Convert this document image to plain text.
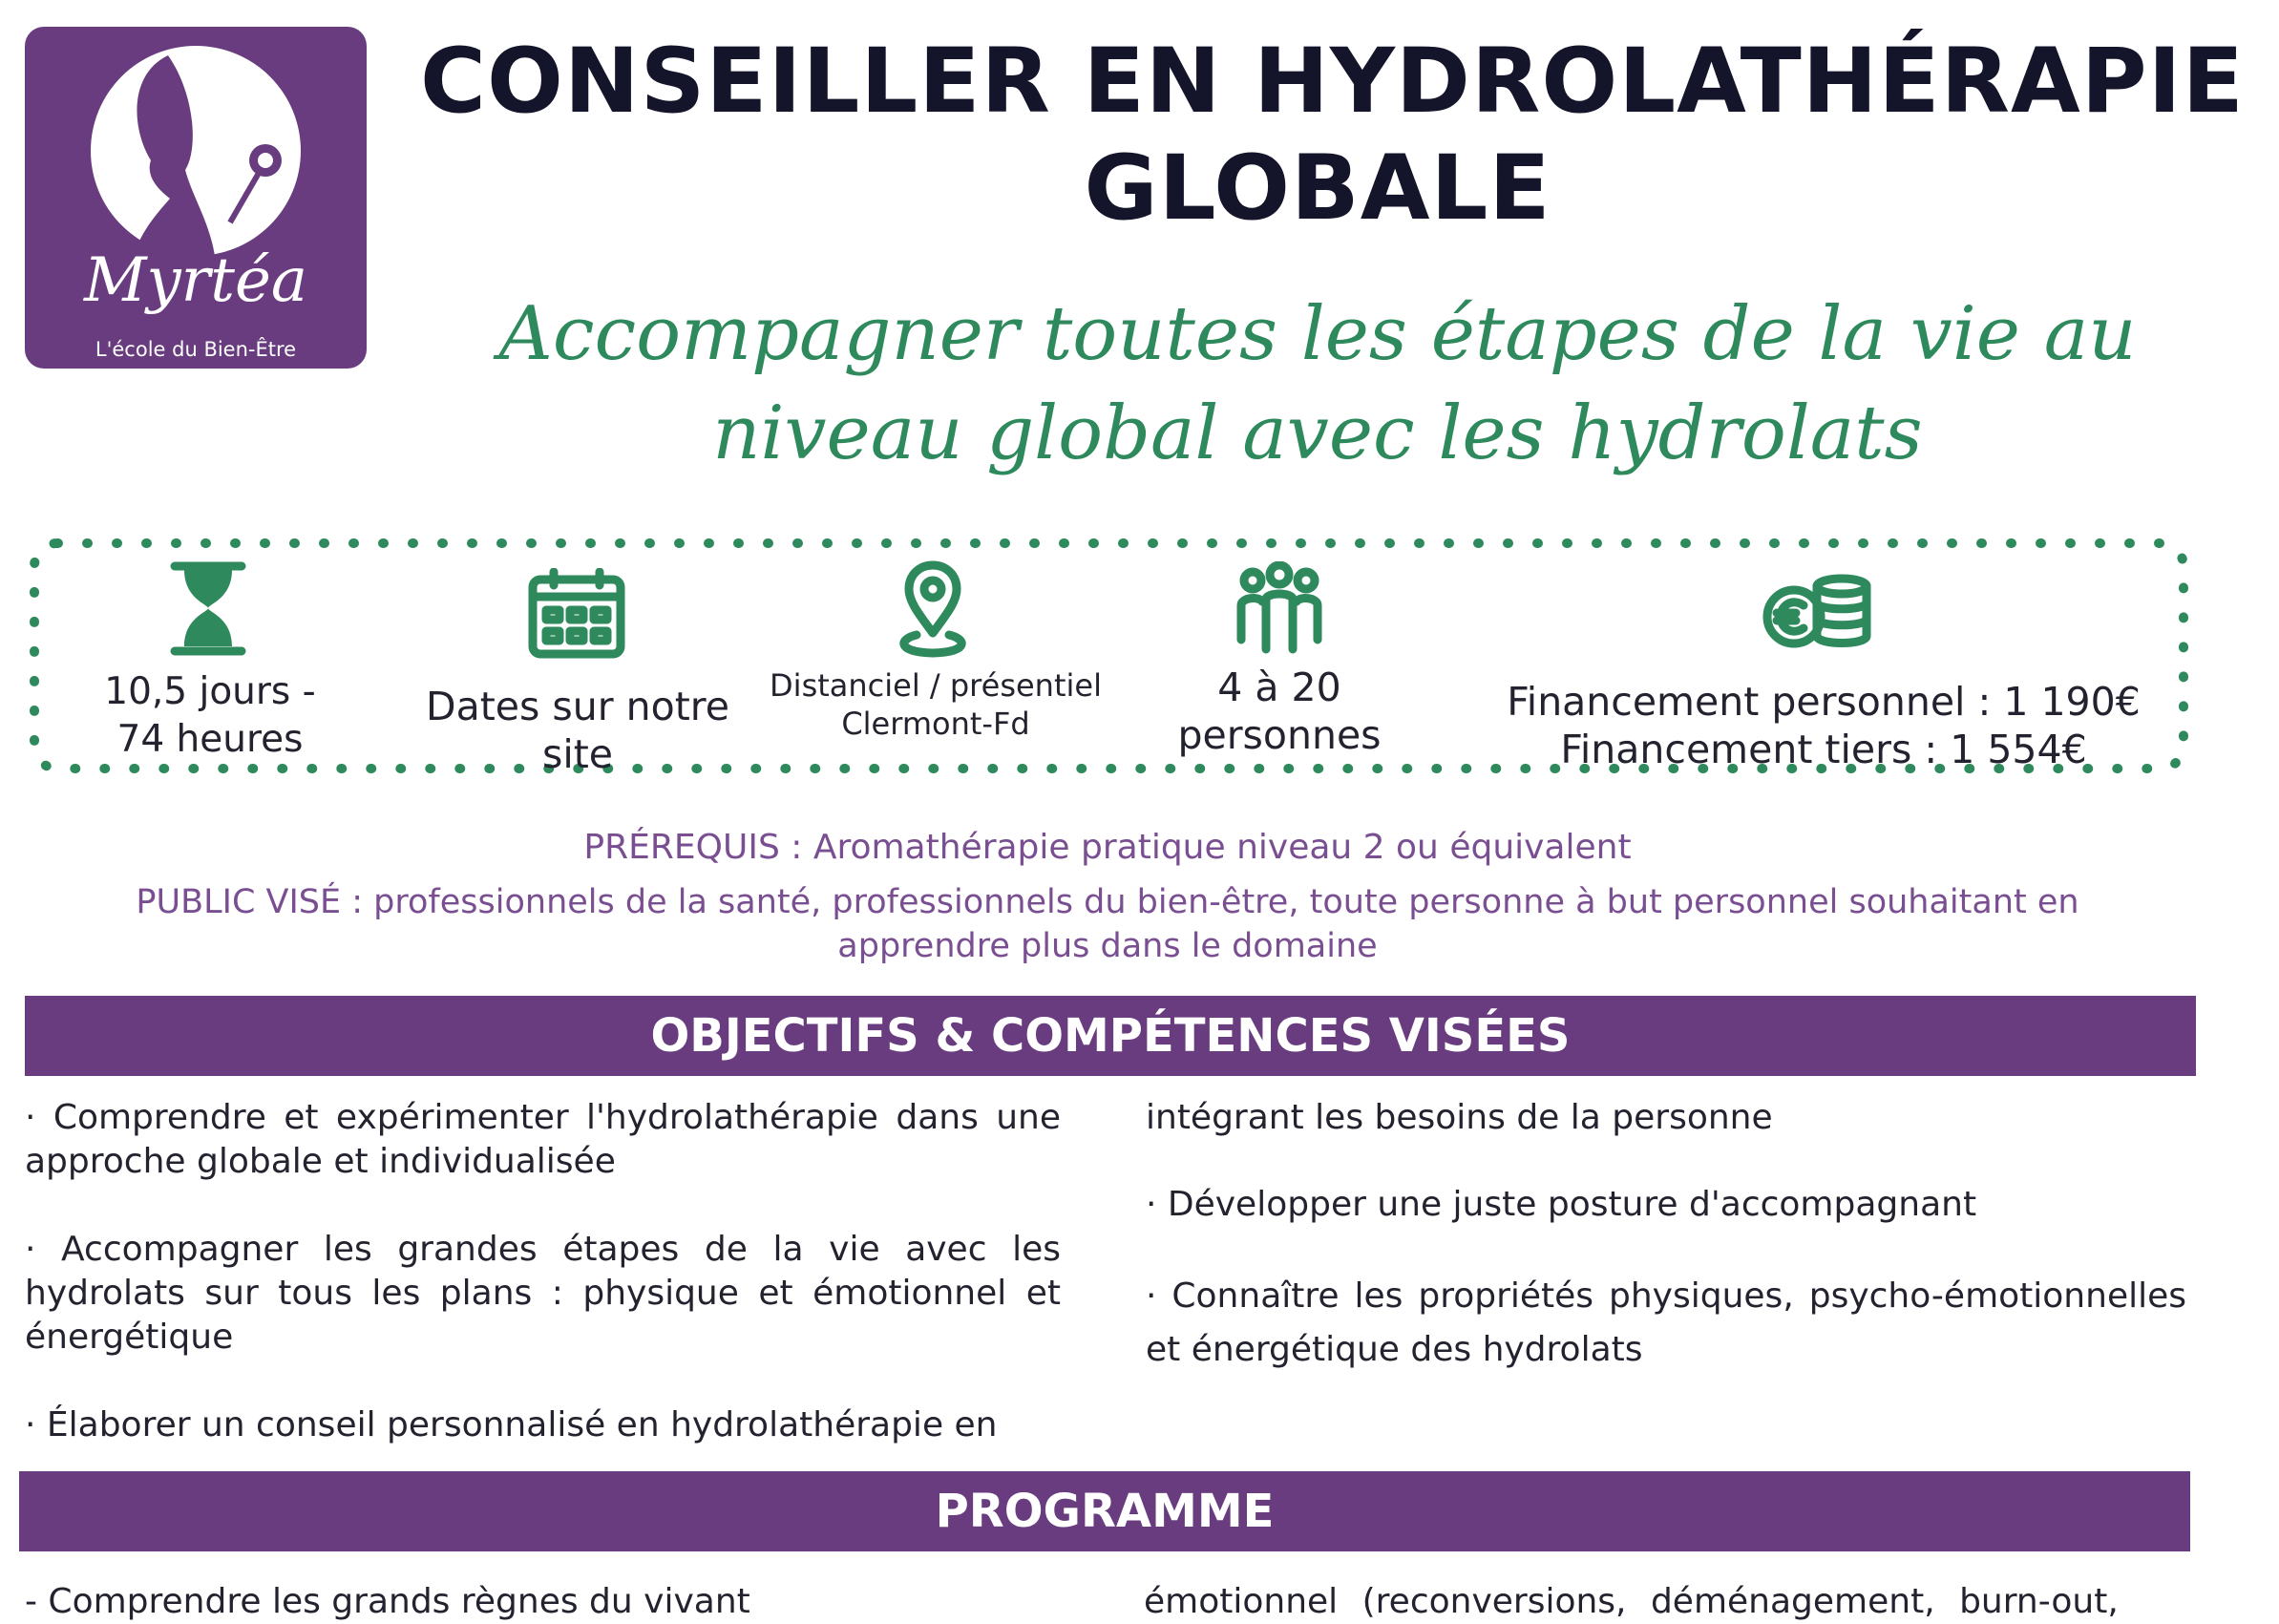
Myrtéa
L'école du Bien-Être
CONSEILLER EN HYDROLATHÉRAPIE
GLOBALE
Accompagner toutes les étapes de la vie au
niveau global avec les hydrolats
10,5 jours -
74 heures
Dates sur notre
site
Distanciel / présentiel
Clermont-Fd
4 à 20
personnes
Financement personnel : 1 190€
Financement tiers : 1 554€
PRÉREQUIS : Aromathérapie pratique niveau 2 ou équivalent
PUBLIC VISÉ : professionnels de la santé, professionnels du bien-être, toute personne à but personnel souhaitant en
apprendre plus dans le domaine
OBJECTIFS & COMPÉTENCES VISÉES

· Comprendre et expérimenter l'hydrolathérapie dans une approche globale et individualisée

· Accompagner les grandes étapes de la vie avec les hydrolats sur tous les plans : physique et émotionnel et énergétique

· Élaborer un conseil personnalisé en hydrolathérapie en

intégrant les besoins de la personne

· Développer une juste posture d'accompagnant

· Connaître les propriétés physiques, psycho-émotionnelles et énergétique des hydrolats

PROGRAMME
- Comprendre les grands règnes du vivant	émotionnel (reconversions, déménagement, burn-out,
